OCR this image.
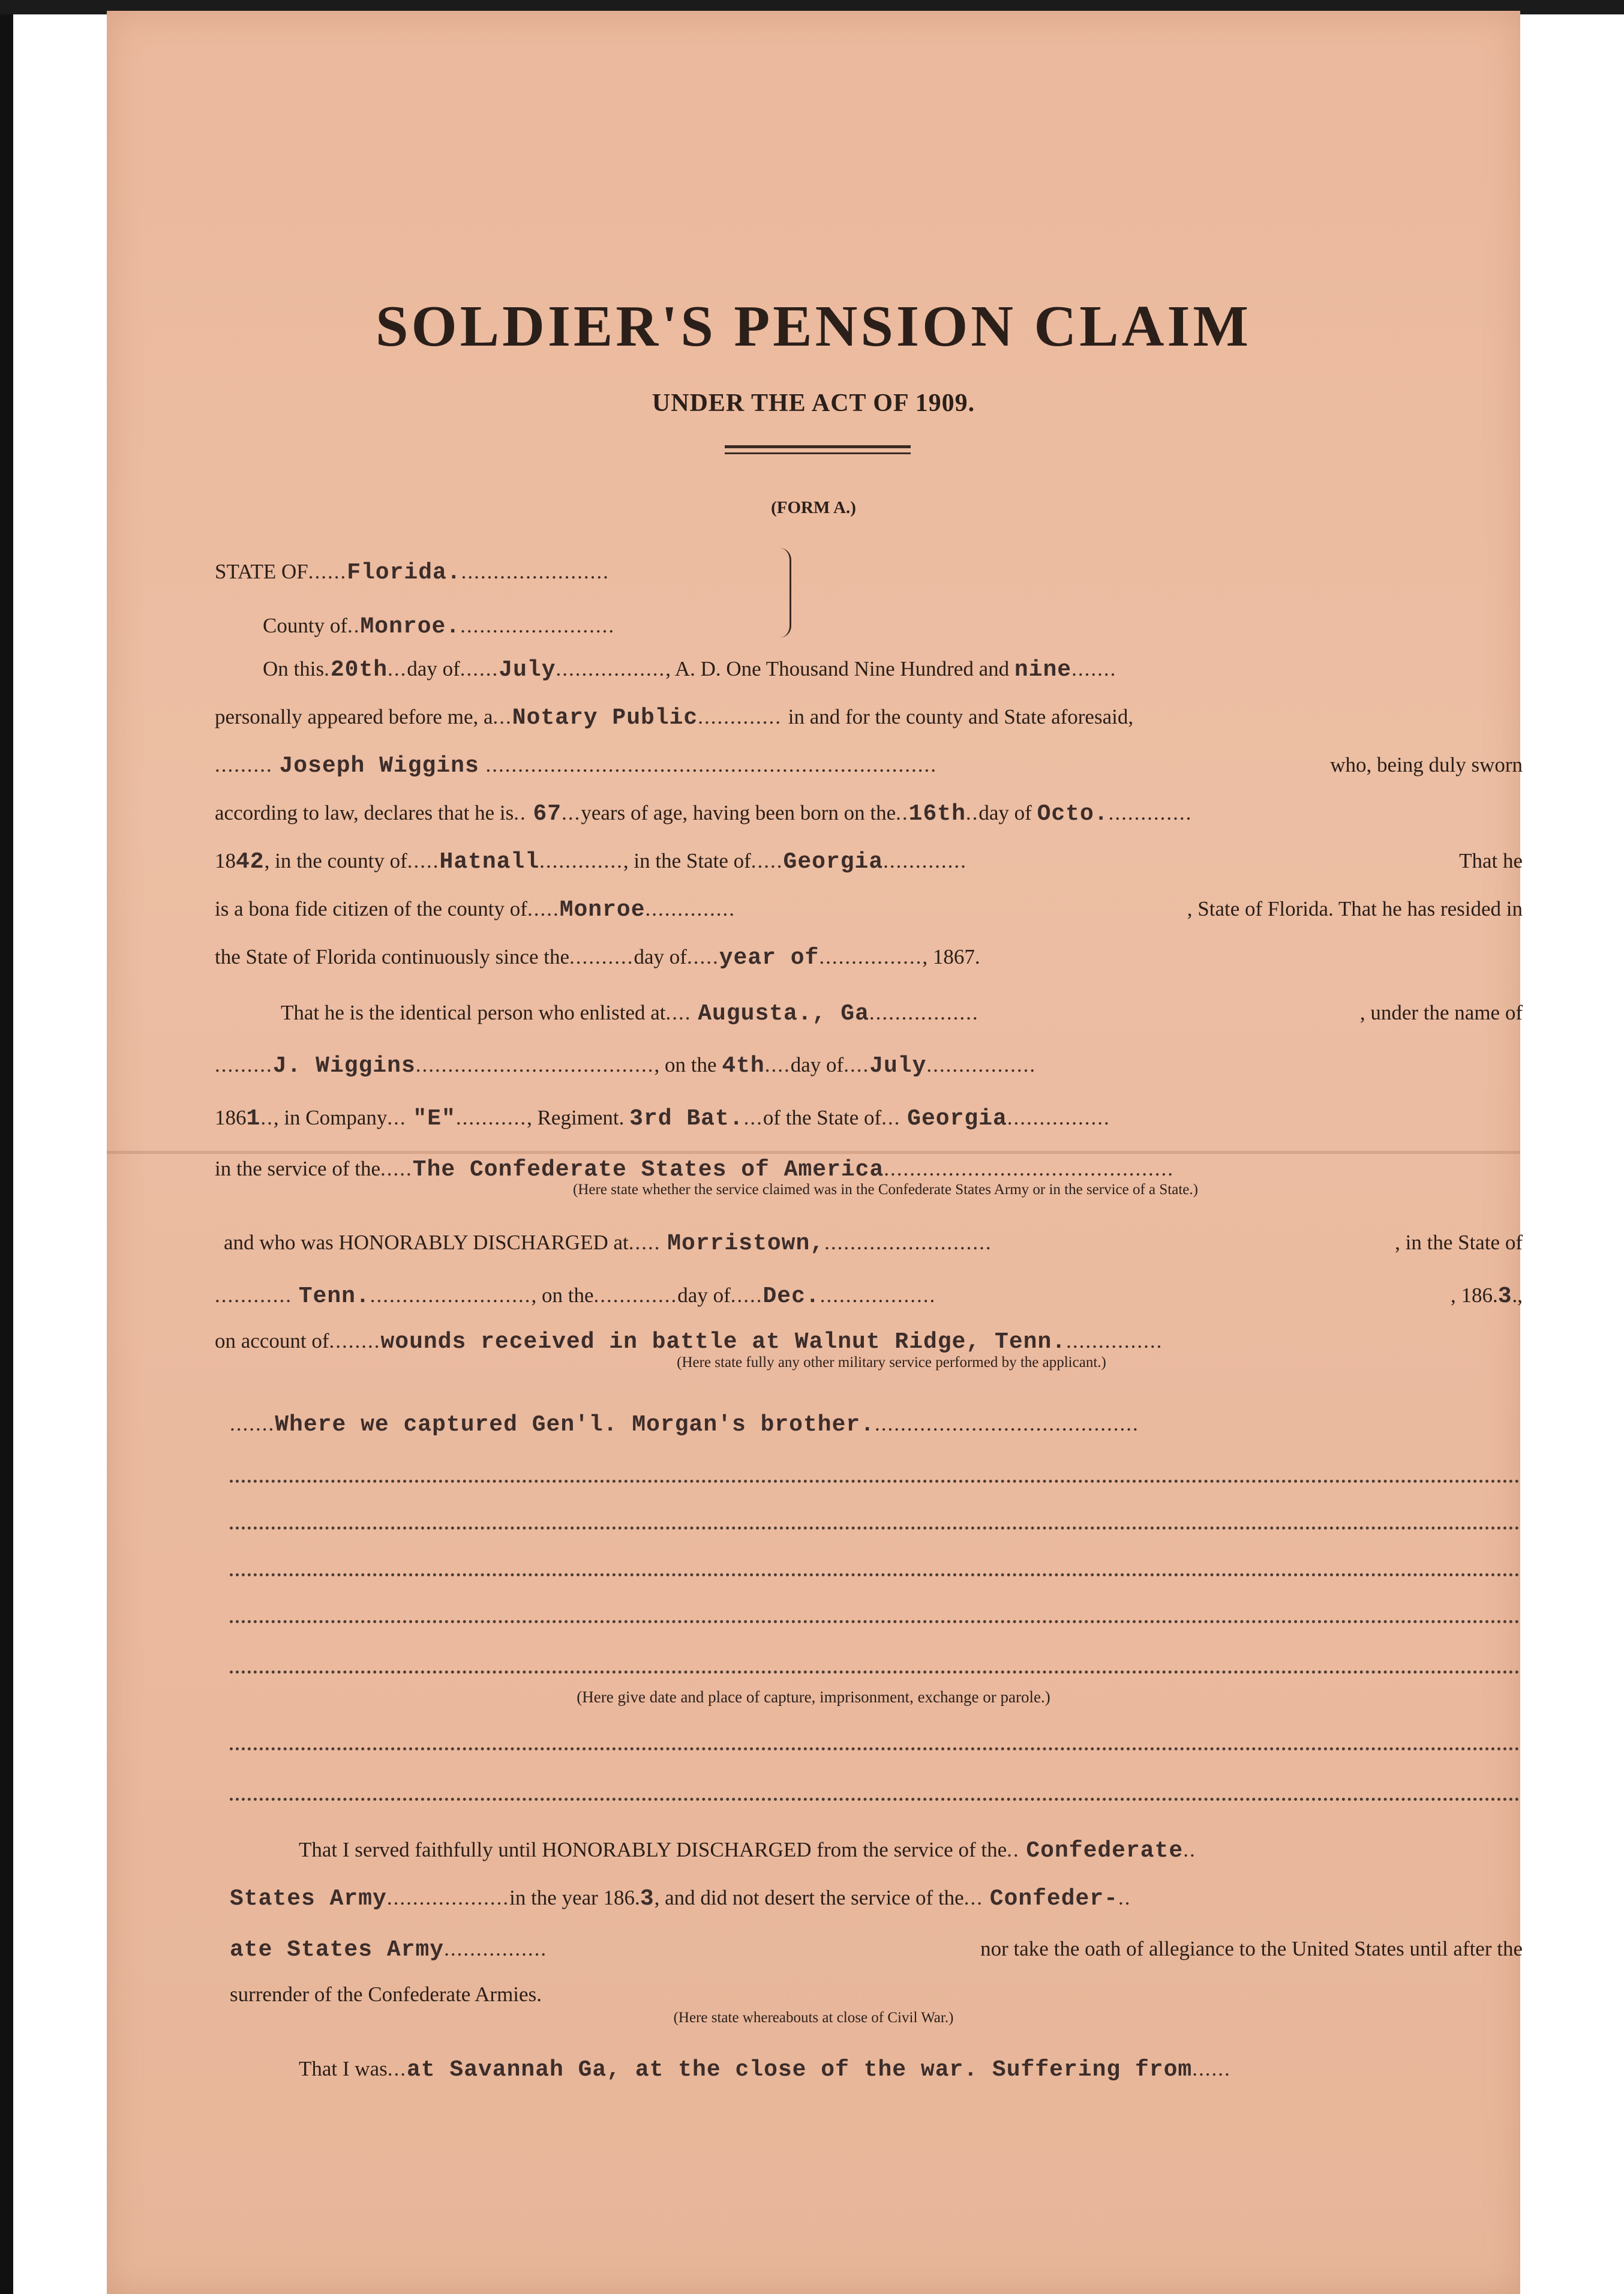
SOLDIER'S PENSION CLAIM
UNDER THE ACT OF 1909.
(FORM A.)
STATE OF......Florida........................
County of..Monroe.........................
On this . 20th ... day of ...... July ................. , A. D. One Thousand Nine Hundred and
nine .......
personally appeared before me, a ... Notary Public ............. in and for the county and State aforesaid,
......... Joseph Wiggins ......................................................................	who, being duly sworn
according to law, declares that he is .. 67 ... years of age, having been born on the .. 16th .. day of
Octo. .............
18 42 , in the county of ..... Hatnall ............. , in the State of ..... Georgia .............	That he
is a bona fide citizen of the county of ..... Monroe ..............	, State of Florida. That he has resided in
the State of Florida continuously since the .......... day of ..... year of ................ , 1867.
That he is the identical person who enlisted at .... Augusta., Ga .................	, under the name of
......... J. Wiggins ..................................... , on the
4th .... day of .... July .................
186 1 .. , in Company ... "E" ........... , Regiment.
3rd Bat. ... of the State of ... Georgia ................
in the service of the ..... The Confederate States of America .............................................
(Here state whether the service claimed was in the Confederate States Army or in the service of a State.)
and who was HONORABLY DISCHARGED at ..... Morristown, ..........................	, in the State of
............ Tenn. ......................... , on the ............. day of ..... Dec. ..................	, 186. 3 .,
on account of ........ wounds received in battle at Walnut Ridge, Tenn. ...............
(Here state fully any other military service performed by the applicant.)
....... Where we captured Gen'l. Morgan's brother. .........................................
(Here give date and place of capture, imprisonment, exchange or parole.)
That I served faithfully until HONORABLY DISCHARGED from the service of the .. Confederate ..
States Army ................... in the year 186. 3 , and did not desert the service of the ... Confeder- ..
ate States Army ................	nor take the oath of allegiance to the United States until after the
surrender of the Confederate Armies.
(Here state whereabouts at close of Civil War.)
That I was ... at Savannah Ga, at the close of the war. Suffering from ......
